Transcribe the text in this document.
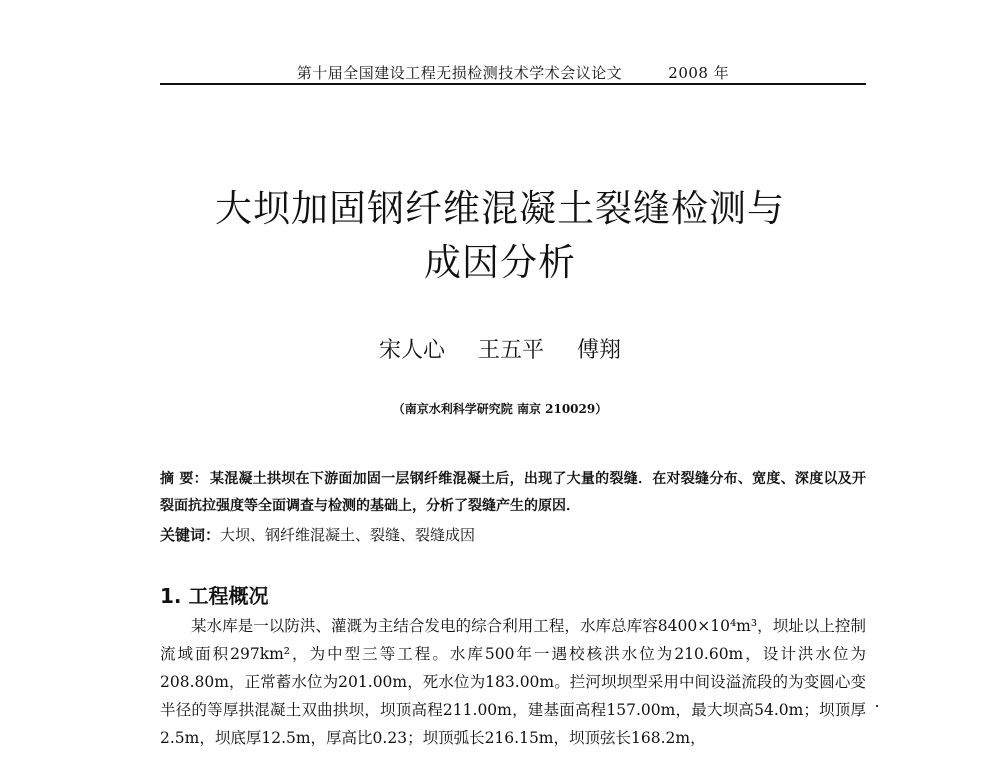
第十届全国建设工程无损检测技术学术会议论文	2008 年
大坝加固钢纤维混凝土裂缝检测与
成因分析
宋人心 王五平 傅翔
（南京水利科学研究院 南京 210029）
摘 要： 某混凝土拱坝在下游面加固一层钢纤维混凝土后，出现了大量的裂缝．在对裂缝分布、宽度、深度以及开裂面抗拉强度等全面调查与检测的基础上，分析了裂缝产生的原因．
关键词：大坝、钢纤维混凝土、裂缝、裂缝成因
1. 工程概况

某水库是一以防洪、灌溉为主结合发电的综合利用工程，水库总库容8400×10⁴m³，坝址以上控制流域面积297km²，为中型三等工程。水库500年一遇校核洪水位为210.60m，设计洪水位为208.80m，正常蓄水位为201.00m，死水位为183.00m。拦河坝坝型采用中间设溢流段的为变圆心变半径的等厚拱混凝土双曲拱坝，坝顶高程211.00m，建基面高程157.00m，最大坝高54.0m；坝顶厚2.5m，坝底厚12.5m，厚高比0.23；坝顶弧长216.15m，坝顶弦长168.2m，
